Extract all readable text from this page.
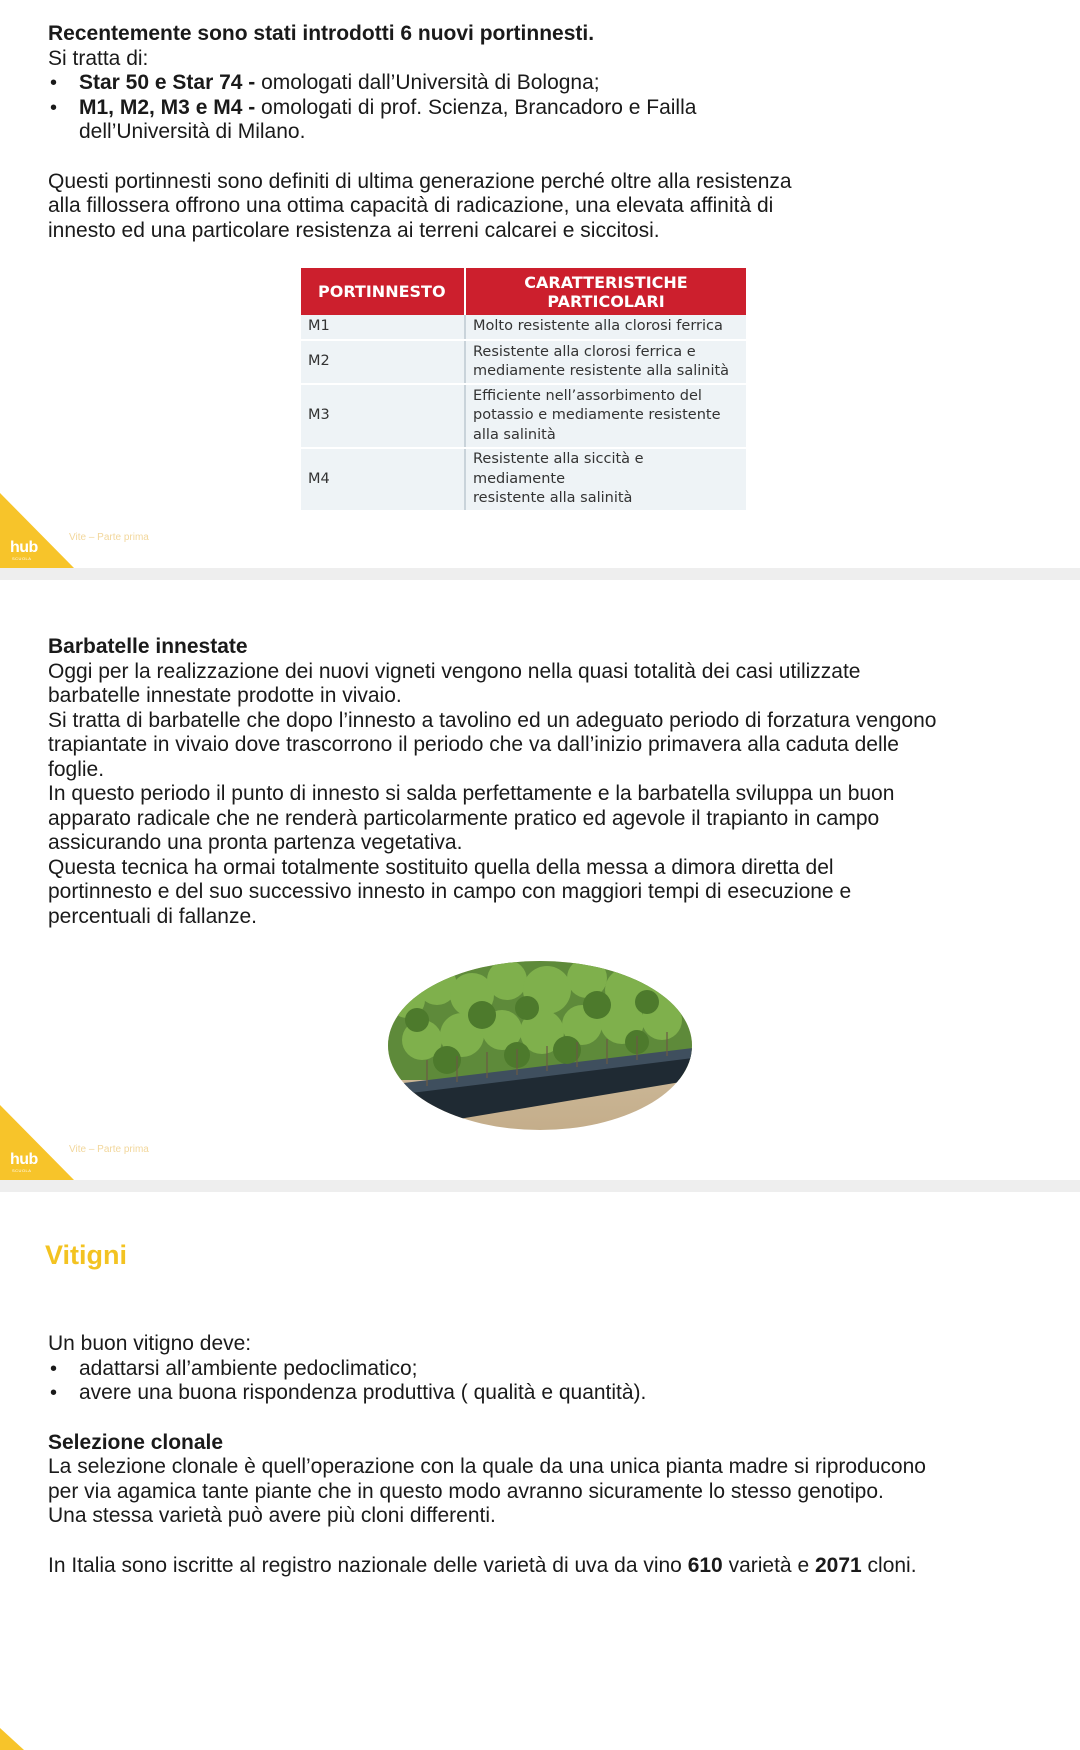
Recentemente sono stati introdotti 6 nuovi portinnesti.

Si tratta di:

• Star 50 e Star 74 - omologati dall’Università di Bologna;
• M1, M2, M3 e M4 - omologati di prof. Scienza, Brancadoro e Failla
dell’Università di Milano.

Questi portinnesti sono definiti di ultima generazione perché oltre alla resistenza

alla fillossera offrono una ottima capacità di radicazione, una elevata affinità di

innesto ed una particolare resistenza ai terreni calcarei e siccitosi.

PORTINNESTO	CARATTERISTICHE
PARTICOLARI
M1	Molto resistente alla clorosi ferrica
M2	Resistente alla clorosi ferrica e
mediamente resistente alla salinità
M3	Efficiente nell’assorbimento del
potassio e mediamente resistente
alla salinità
M4	Resistente alla siccità e mediamente
resistente alla salinità
hub
SCUOLA
Vite – Parte prima

Barbatelle innestate

Oggi per la realizzazione dei nuovi vigneti vengono nella quasi totalità dei casi utilizzate

barbatelle innestate prodotte in vivaio.

Si tratta di barbatelle che dopo l’innesto a tavolino ed un adeguato periodo di forzatura vengono

trapiantate in vivaio dove trascorrono il periodo che va dall’inizio primavera alla caduta delle

foglie.

In questo periodo il punto di innesto si salda perfettamente e la barbatella sviluppa un buon

apparato radicale che ne renderà particolarmente pratico ed agevole il trapianto in campo

assicurando una pronta partenza vegetativa.

Questa tecnica ha ormai totalmente sostituito quella della messa a dimora diretta del

portinnesto e del suo successivo innesto in campo con maggiori tempi di esecuzione e

percentuali di fallanze.

hub
SCUOLA
Vite – Parte prima
Vitigni

Un buon vitigno deve:

• adattarsi all’ambiente pedoclimatico;
• avere una buona rispondenza produttiva ( qualità e quantità).

Selezione clonale

La selezione clonale è quell’operazione con la quale da una unica pianta madre si riproducono

per via agamica tante piante che in questo modo avranno sicuramente lo stesso genotipo.

Una stessa varietà può avere più cloni differenti.

In Italia sono iscritte al registro nazionale delle varietà di uva da vino 610 varietà e 2071 cloni.
